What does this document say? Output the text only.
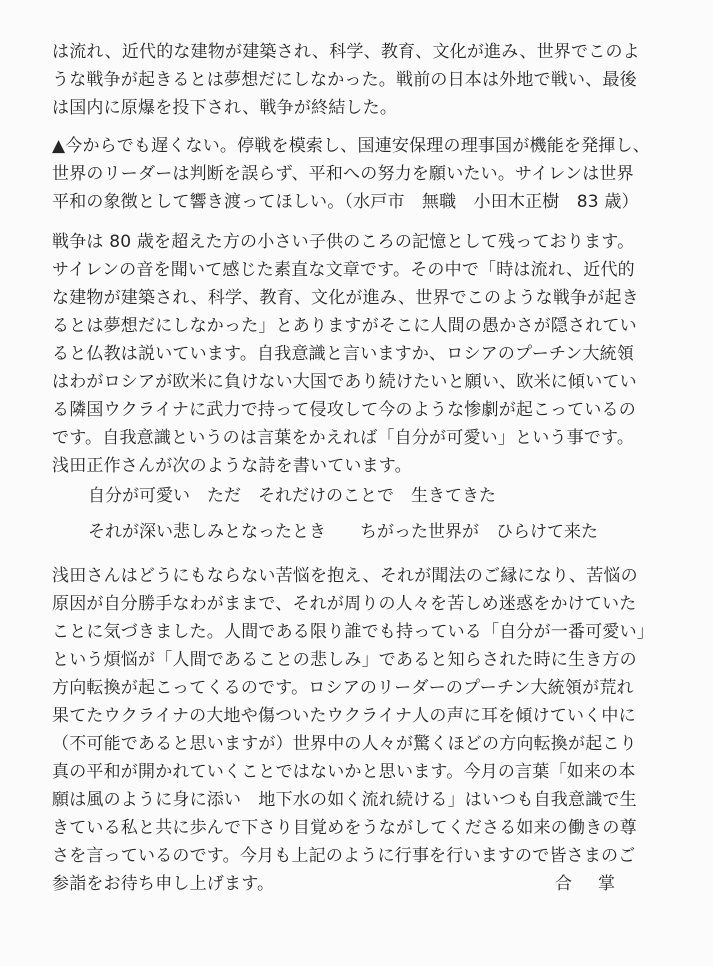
は流れ、近代的な建物が建築され、科学、教育、文化が進み、世界でこのよ
うな戦争が起きるとは夢想だにしなかった。戦前の日本は外地で戦い、最後
は国内に原爆を投下され、戦争が終結した。

▲今からでも遅くない。停戦を模索し、国連安保理の理事国が機能を発揮し、
世界のリーダーは判断を誤らず、平和への努力を願いたい。サイレンは世界
平和の象徴として響き渡ってほしい。（水戸市　無職　小田木正樹　83 歳）

戦争は 80 歳を超えた方の小さい子供のころの記憶として残っております。
サイレンの音を聞いて感じた素直な文章です。その中で「時は流れ、近代的
な建物が建築され、科学、教育、文化が進み、世界でこのような戦争が起き
るとは夢想だにしなかった」とありますがそこに人間の愚かさが隠されてい
ると仏教は説いています。自我意識と言いますか、ロシアのプーチン大統領
はわがロシアが欧米に負けない大国であり続けたいと願い、欧米に傾いてい
る隣国ウクライナに武力で持って侵攻して今のような惨劇が起こっているの
です。自我意識というのは言葉をかえれば「自分が可愛い」という事です。
浅田正作さんが次のような詩を書いています。

自分が可愛い　ただ　それだけのことで　生きてきた

それが深い悲しみとなったとき　　ちがった世界が　ひらけて来た

浅田さんはどうにもならない苦悩を抱え、それが聞法のご縁になり、苦悩の
原因が自分勝手なわがままで、それが周りの人々を苦しめ迷惑をかけていた
ことに気づきました。人間である限り誰でも持っている「自分が一番可愛い」
という煩悩が「人間であることの悲しみ」であると知らされた時に生き方の
方向転換が起こってくるのです。ロシアのリーダーのプーチン大統領が荒れ
果てたウクライナの大地や傷ついたウクライナ人の声に耳を傾けていく中に
（不可能であると思いますが）世界中の人々が驚くほどの方向転換が起こり
真の平和が開かれていくことではないかと思います。今月の言葉「如来の本
願は風のように身に添い　地下水の如く流れ続ける」はいつも自我意識で生
きている私と共に歩んで下さり目覚めをうながしてくださる如来の働きの尊
さを言っているのです。今月も上記のように行事を行いますので皆さまのご
参詣をお待ち申し上げます。	合掌
